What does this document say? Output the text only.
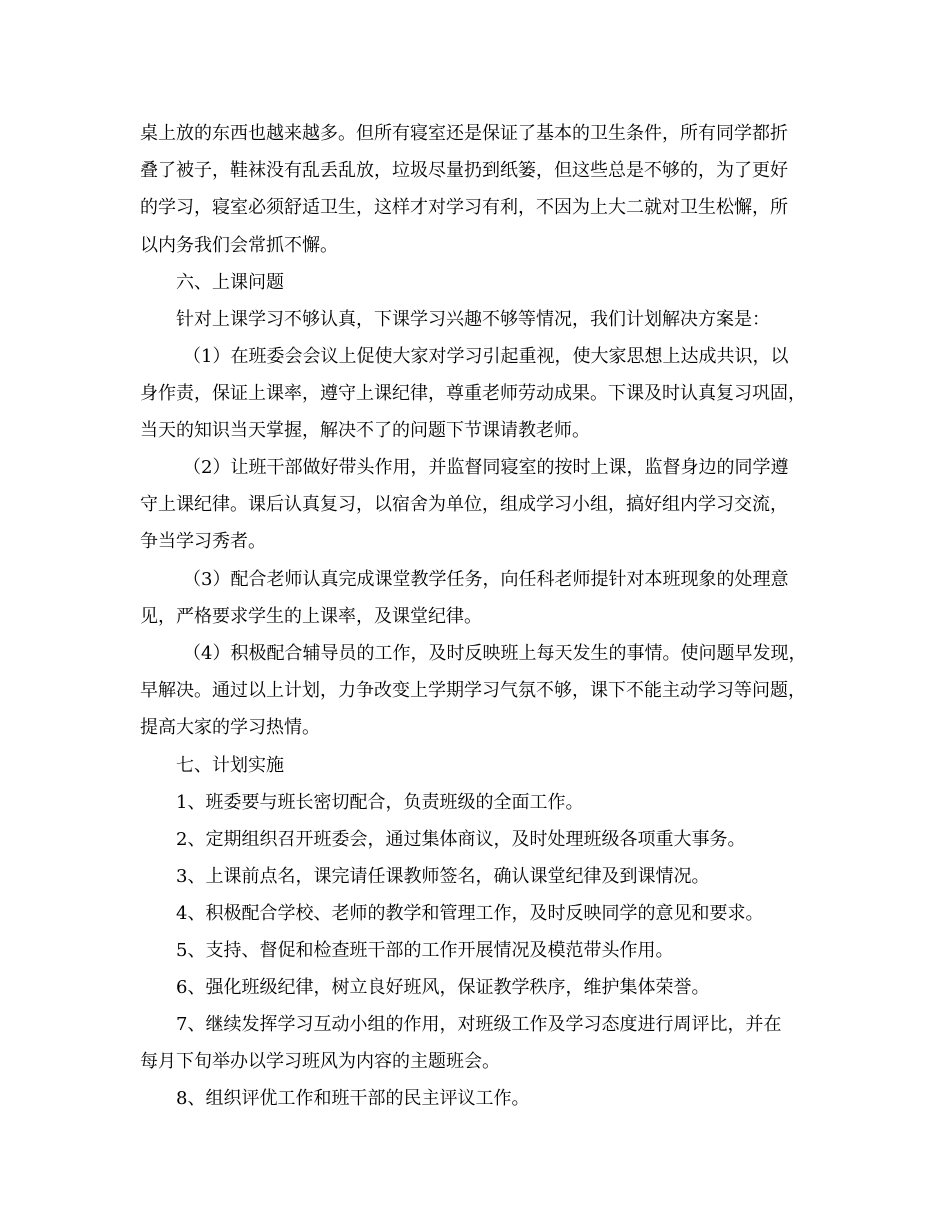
桌上放的东西也越来越多。但所有寝室还是保证了基本的卫生条件，所有同学都折
叠了被子，鞋袜没有乱丢乱放，垃圾尽量扔到纸篓，但这些总是不够的，为了更好
的学习，寝室必须舒适卫生，这样才对学习有利，不因为上大二就对卫生松懈，所
以内务我们会常抓不懈。

六、上课问题

针对上课学习不够认真，下课学习兴趣不够等情况，我们计划解决方案是：

（1）在班委会会议上促使大家对学习引起重视，使大家思想上达成共识，以
身作责，保证上课率，遵守上课纪律，尊重老师劳动成果。下课及时认真复习巩固，
当天的知识当天掌握，解决不了的问题下节课请教老师。

（2）让班干部做好带头作用，并监督同寝室的按时上课，监督身边的同学遵
守上课纪律。课后认真复习，以宿舍为单位，组成学习小组，搞好组内学习交流，
争当学习秀者。

（3）配合老师认真完成课堂教学任务，向任科老师提针对本班现象的处理意
见，严格要求学生的上课率，及课堂纪律。

（4）积极配合辅导员的工作，及时反映班上每天发生的事情。使问题早发现，
早解决。通过以上计划，力争改变上学期学习气氛不够，课下不能主动学习等问题，
提高大家的学习热情。

七、计划实施

1、班委要与班长密切配合，负责班级的全面工作。

2、定期组织召开班委会，通过集体商议，及时处理班级各项重大事务。

3、上课前点名，课完请任课教师签名，确认课堂纪律及到课情况。

4、积极配合学校、老师的教学和管理工作，及时反映同学的意见和要求。

5、支持、督促和检查班干部的工作开展情况及模范带头作用。

6、强化班级纪律，树立良好班风，保证教学秩序，维护集体荣誉。

7、继续发挥学习互动小组的作用，对班级工作及学习态度进行周评比，并在
每月下旬举办以学习班风为内容的主题班会。

8、组织评优工作和班干部的民主评议工作。
